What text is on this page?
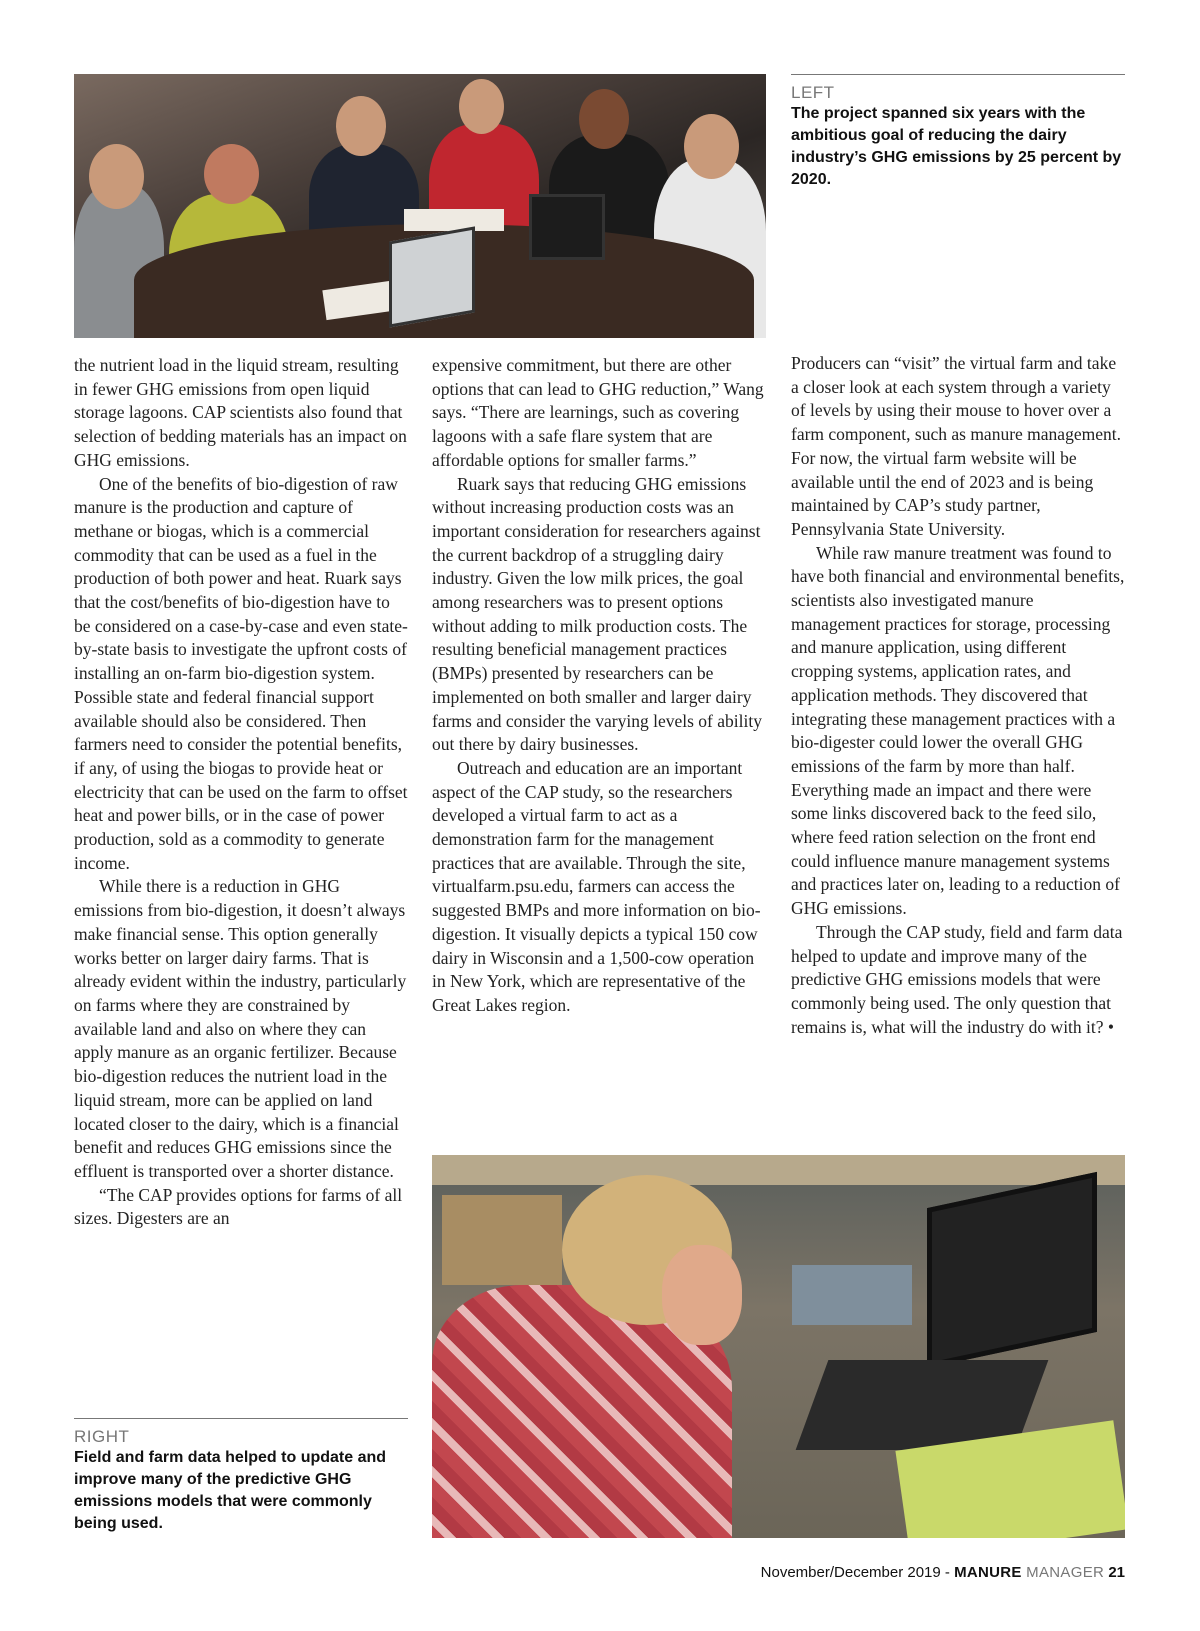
LEFT
The project spanned six years with the ambitious goal of reducing the dairy industry’s GHG emissions by 25 percent by 2020.

the nutrient load in the liquid stream, resulting in fewer GHG emissions from open liquid storage lagoons. CAP scientists also found that selection of bedding materials has an impact on GHG emissions.

One of the benefits of bio-digestion of raw manure is the production and capture of methane or biogas, which is a commercial commodity that can be used as a fuel in the production of both power and heat. Ruark says that the cost/benefits of bio-digestion have to be considered on a case-by-case and even state-by-state basis to investigate the upfront costs of installing an on-farm bio-digestion system. Possible state and federal financial support available should also be considered. Then farmers need to consider the potential benefits, if any, of using the biogas to provide heat or electricity that can be used on the farm to offset heat and power bills, or in the case of power production, sold as a commodity to generate income.

While there is a reduction in GHG emissions from bio-digestion, it doesn’t always make financial sense. This option generally works better on larger dairy farms. That is already evident within the industry, particularly on farms where they are constrained by available land and also on where they can apply manure as an organic fertilizer. Because bio-digestion reduces the nutrient load in the liquid stream, more can be applied on land located closer to the dairy, which is a financial benefit and reduces GHG emissions since the effluent is transported over a shorter distance.

“The CAP provides options for farms of all sizes. Digesters are an

expensive commitment, but there are other options that can lead to GHG reduction,” Wang says. “There are learnings, such as covering lagoons with a safe flare system that are affordable options for smaller farms.”

Ruark says that reducing GHG emissions without increasing production costs was an important consideration for researchers against the current backdrop of a struggling dairy industry. Given the low milk prices, the goal among researchers was to present options without adding to milk production costs. The resulting beneficial management practices (BMPs) presented by researchers can be implemented on both smaller and larger dairy farms and consider the varying levels of ability out there by dairy businesses.

Outreach and education are an important aspect of the CAP study, so the researchers developed a virtual farm to act as a demonstration farm for the management practices that are available. Through the site, virtualfarm.psu.edu, farmers can access the suggested BMPs and more information on bio-digestion. It visually depicts a typical 150 cow dairy in Wisconsin and a 1,500-cow operation in New York, which are representative of the Great Lakes region.

Producers can “visit” the virtual farm and take a closer look at each system through a variety of levels by using their mouse to hover over a farm component, such as manure management. For now, the virtual farm website will be available until the end of 2023 and is being maintained by CAP’s study partner, Pennsylvania State University.

While raw manure treatment was found to have both financial and environmental benefits, scientists also investigated manure management practices for storage, processing and manure application, using different cropping systems, application rates, and application methods. They discovered that integrating these management practices with a bio-digester could lower the overall GHG emissions of the farm by more than half. Everything made an impact and there were some links discovered back to the feed silo, where feed ration selection on the front end could influence manure management systems and practices later on, leading to a reduction of GHG emissions.

Through the CAP study, field and farm data helped to update and improve many of the predictive GHG emissions models that were commonly being used. The only question that remains is, what will the industry do with it? •

RIGHT
Field and farm data helped to update and improve many of the predictive GHG emissions models that were commonly being used.
November/December 2019 - MANURE MANAGER 21
